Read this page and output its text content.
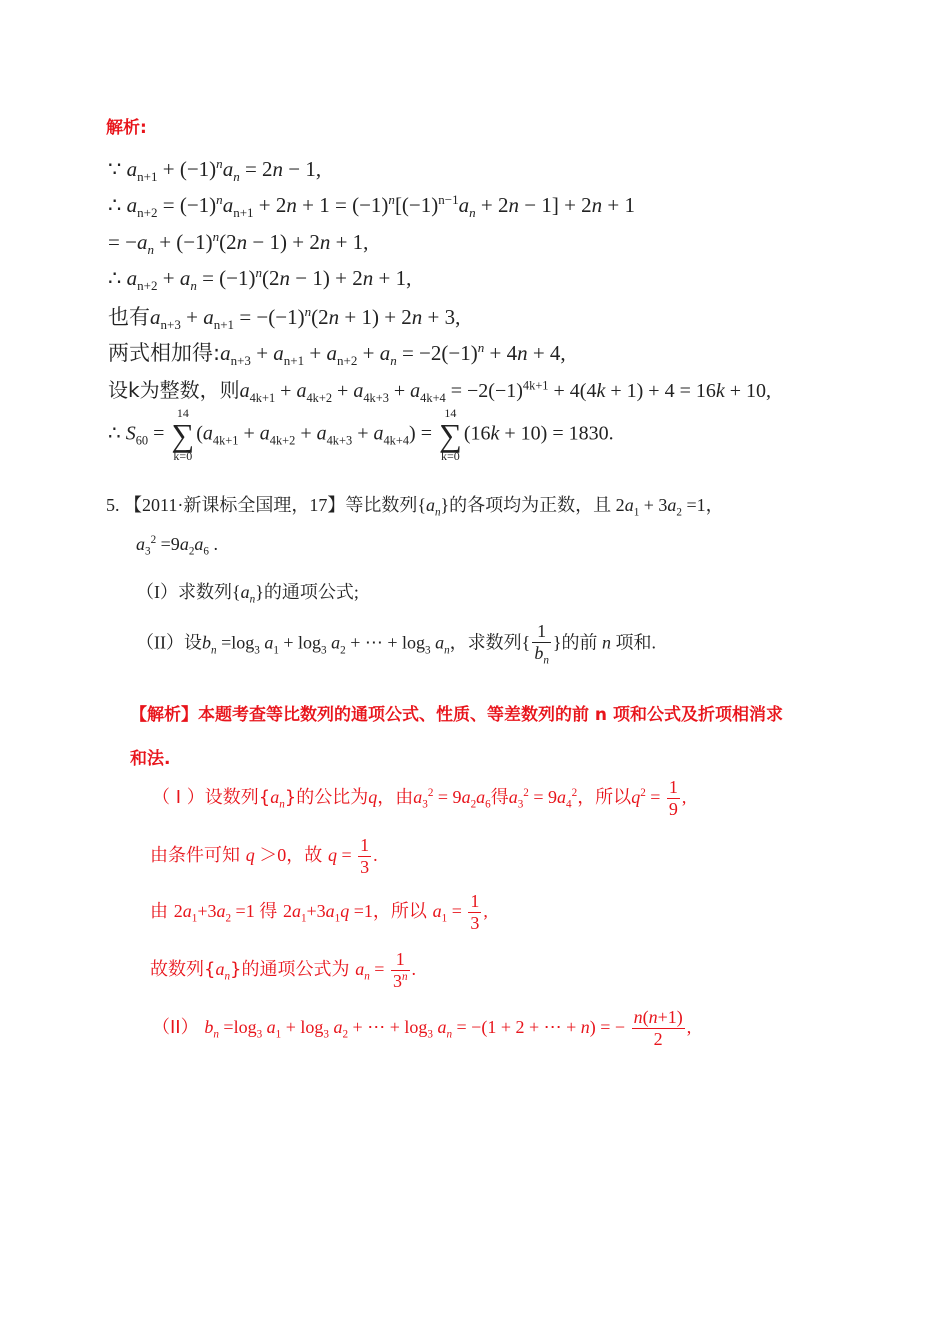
解析:
∵ $a_{n+1} + (-1)^na_n = 2n - 1$,
∴ $a_{n+2} = (-1)^na_{n+1} + 2n + 1 = (-1)^n[(-1)^{n-1}a_n + 2n - 1] + 2n + 1$
= $-a_n + (-1)^n(2n - 1) + 2n + 1$,
∴ $a_{n+2} + a_n = (-1)^n(2n - 1) + 2n + 1$,
也有$a_{n+3} + a_{n+1} = -(-1)^n(2n + 1) + 2n + 3$,
两式相加得$:a_{n+3} + a_{n+1} + a_{n+2} + a_n = -2(-1)^n + 4n + 4$,
设k为整数，则$a_{4k+1} + a_{4k+2} + a_{4k+3} + a_{4k+4} = -2(-1)^{4k+1} + 4(4k + 1) + 4 = 16k + 10$,
∴ $S_{60}$ =
14
∑
k=0
$(a_{4k+1} + a_{4k+2} + a_{4k+3} + a_{4k+4})$ =
14
∑
k=0
(16k + 10) = 1830.
5. 【2011·新课标全国理，17】等比数列$\{a_n\}$的各项均为正数，且 $2a_1 + 3a_2 =1$，
$a_3^2 =9a_2a_6$ .
（I）求数列$\{a_n\}$的通项公式;
（II）设$b_n =\log_3$ $a_1 + \log_3 a_2$ + ⋯ + $\log_3 a_n$，求数列{ $\frac{1}{b_n}$ }的前 n 项和.
【解析】本题考查等比数列的通项公式、性质、等差数列的前 n 项和公式及折项相消求
和法.
（ I ）设数列$\{a_n\}$的公比为q，由$a_3^2 = 9a_2a_6$得$a_3^2 = 9a_4^2$，所以$q^2 = \frac{1}{9}$ ,
由条件可知 q ＞0，故 $q = \frac{1}{3}$ .
由 $2a_1+3a_2 =1$ 得 $2a_1+3a_1q =1$，所以 $a_1 = \frac{1}{3}$ ,
故数列$\{a_n\}$的通项公式为 $a_n = \frac{1}{3^n}$ .
（II） $b_n =\log_3$ $a_1 + \log_3 a_2$ + ⋯ + $\log_3 a_n = -(1 + 2$ + ⋯ + n) = − $\frac{n(n+1)}{2}$ ,
